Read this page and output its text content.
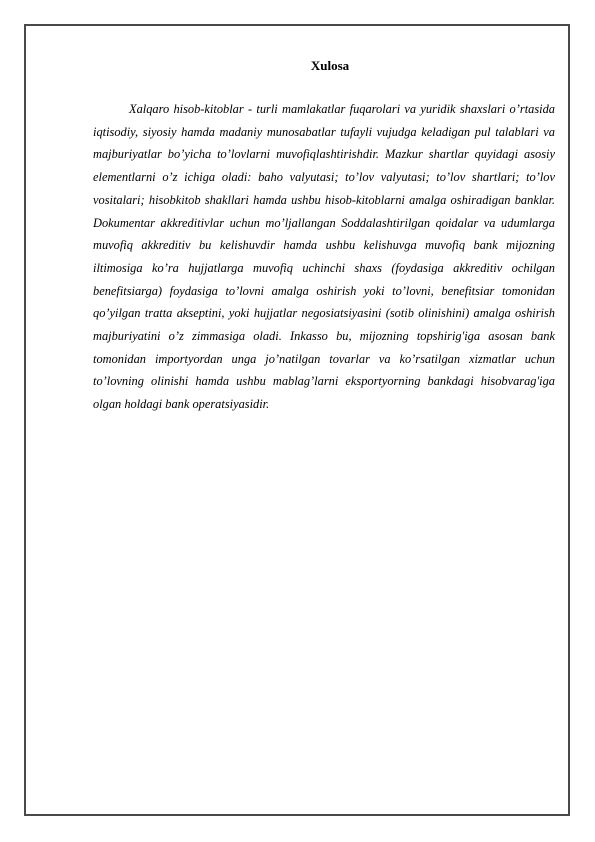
Xulosa

Xalqaro hisob-kitoblar - turli mamlakatlar fuqarolari va yuridik shaxslari o’rtasida iqtisodiy, siyosiy hamda madaniy munosabatlar tufayli vujudga keladigan pul talablari va majburiyatlar bo’yicha to’lovlarni muvofiqlashtirishdir. Mazkur shartlar quyidagi asosiy elementlarni o’z ichiga oladi: baho valyutasi; to’lov valyutasi; to’lov shartlari; to’lov vositalari; hisobkitob shakllari hamda ushbu hisob-kitoblarni amalga oshiradigan banklar. Dokumentar akkreditivlar uchun mo’ljallangan Soddalashtirilgan qoidalar va udumlarga muvofiq akkreditiv bu kelishuvdir hamda ushbu kelishuvga muvofiq bank mijozning iltimosiga ko’ra hujjatlarga muvofiq uchinchi shaxs (foydasiga akkreditiv ochilgan benefitsiarga) foydasiga to’lovni amalga oshirish yoki to’lovni, benefitsiar tomonidan qo’yilgan tratta akseptini, yoki hujjatlar negosiatsiyasini (sotib olinishini) amalga oshirish majburiyatini o’z zimmasiga oladi. Inkasso bu, mijozning topshirig'iga asosan bank tomonidan importyordan unga jo’natilgan tovarlar va ko’rsatilgan xizmatlar uchun to’lovning olinishi hamda ushbu mablag’larni eksportyorning bankdagi hisobvarag'iga olgan holdagi bank operatsiyasidir.
